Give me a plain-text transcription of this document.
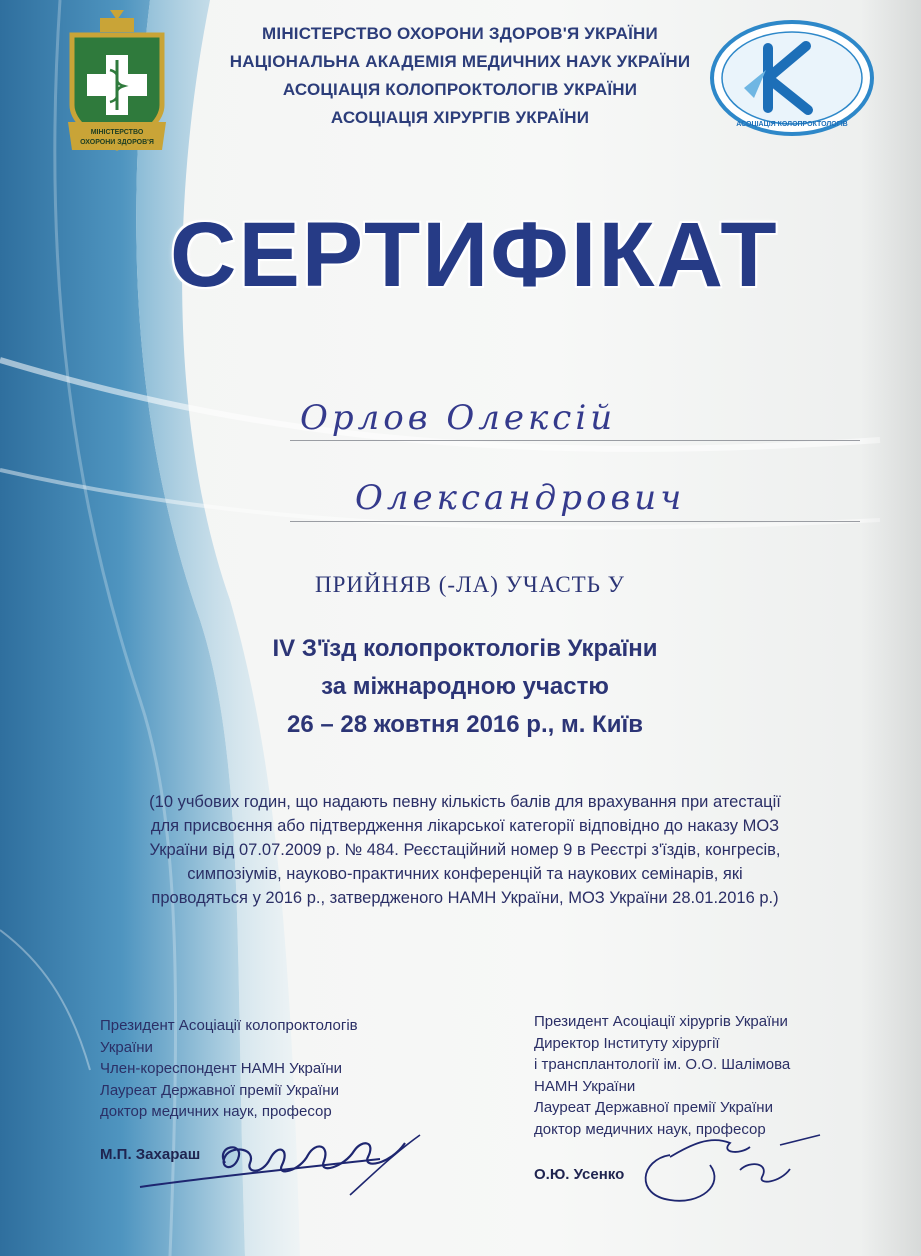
МІНІСТЕРСТВО
ОХОРОНИ ЗДОРОВ'Я
АСОЦІАЦІЯ КОЛОПРОКТОЛОГІВ
МІНІСТЕРСТВО ОХОРОНИ ЗДОРОВ'Я УКРАЇНИ
НАЦІОНАЛЬНА АКАДЕМІЯ МЕДИЧНИХ НАУК УКРАЇНИ
АСОЦІАЦІЯ КОЛОПРОКТОЛОГІВ УКРАЇНИ
АСОЦІАЦІЯ ХІРУРГІВ УКРАЇНИ
СЕРТИФІКАТ
Орлов Олексій
Олександрович
ПРИЙНЯВ (-ЛА) УЧАСТЬ У
IV З'їзд колопроктологів України
за міжнародною участю
26 – 28 жовтня 2016 р., м. Київ
(10 учбових годин, що надають певну кількість балів для врахування при атестації
для присвоєння або підтвердження лікарської категорії відповідно до наказу МОЗ
України від 07.07.2009 р. № 484. Реєстаційний номер 9 в Реєстрі з'їздів, конгресів,
симпозіумів, науково-практичних конференцій та наукових семінарів, які
проводяться у 2016 р., затвердженого НАМН України, МОЗ України 28.01.2016 р.)
Президент Асоціації колопроктологів
України
Член-кореспондент НАМН України
Лауреат Державної премії України
доктор медичних наук, професор
М.П. Захараш
Президент Асоціації хірургів України
Директор Інституту хірургії
і трансплантології ім. О.О. Шалімова
НАМН України
Лауреат Державної премії України
доктор медичних наук, професор
О.Ю. Усенко
